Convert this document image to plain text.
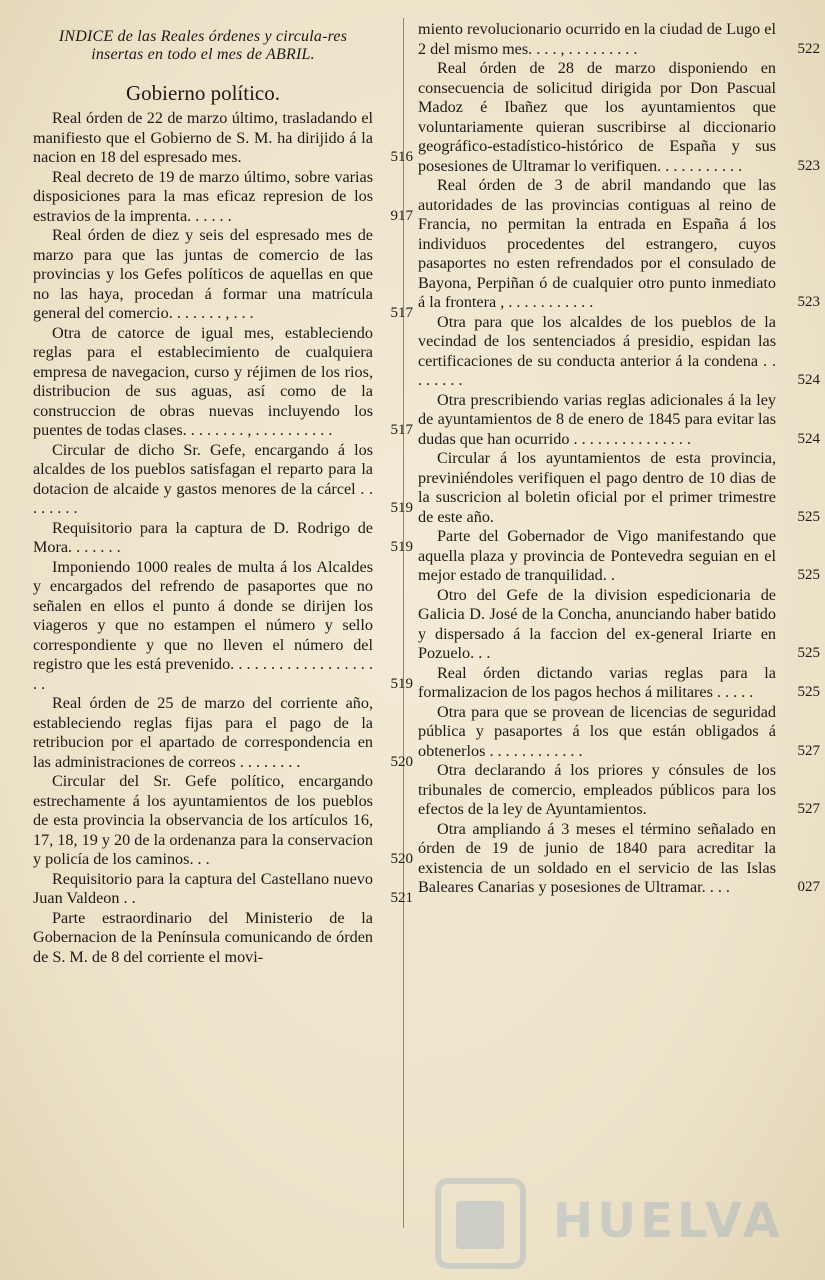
INDICE de las Reales órdenes y circula-res insertas en todo el mes de ABRIL.
Gobierno político.
Real órden de 22 de marzo último, trasladando el manifiesto que el Gobierno de S. M. ha dirijido á la nacion en 18 del espresado mes.	516
Real decreto de 19 de marzo último, sobre varias disposiciones para la mas eficaz represion de los estravios de la imprenta. . . . . .	917
Real órden de diez y seis del espresado mes de marzo para que las juntas de comercio de las provincias y los Gefes políticos de aquellas en que no las haya, procedan á formar una matrícula general del comercio. . . . . . . , . . .	517
Otra de catorce de igual mes, estableciendo reglas para el establecimiento de cualquiera empresa de navegacion, curso y réjimen de los rios, distribucion de sus aguas, así como de la construccion de obras nuevas incluyendo los puentes de todas clases. . . . . . . . , . . . . . . . . . .	517
Circular de dicho Sr. Gefe, encargando á los alcaldes de los pueblos satisfagan el reparto para la dotacion de alcaide y gastos menores de la cárcel . . . . . . . .	519
Requisitorio para la captura de D. Rodrigo de Mora. . . . . . .	519
Imponiendo 1000 reales de multa á los Alcaldes y encargados del refrendo de pasaportes que no señalen en ellos el punto á donde se dirijen los viageros y que no estampen el número y sello correspondiente y que no lleven el número del registro que les está prevenido. . . . . . . . . . . . . . . . . . . .	519
Real órden de 25 de marzo del corriente año, estableciendo reglas fijas para el pago de la retribucion por el apartado de correspondencia en las administraciones de correos . . . . . . . .	520
Circular del Sr. Gefe político, encargando estrechamente á los ayuntamientos de los pueblos de esta provincia la observancia de los artículos 16, 17, 18, 19 y 20 de la ordenanza para la conservacion y policía de los caminos. . .	520
Requisitorio para la captura del Castellano nuevo Juan Valdeon . .	521
Parte estraordinario del Ministerio de la Gobernacion de la Península comunicando de órden de S. M. de 8 del corriente el movi-
miento revolucionario ocurrido en la ciudad de Lugo el 2 del mismo mes. . . . , . . . . . . . . .	522
Real órden de 28 de marzo disponiendo en consecuencia de solicitud dirigida por Don Pascual Madoz é Ibañez que los ayuntamientos que voluntariamente quieran suscribirse al diccionario geográfico-estadístico-histórico de España y sus posesiones de Ultramar lo verifiquen. . . . . . . . . . .	523
Real órden de 3 de abril mandando que las autoridades de las provincias contiguas al reino de Francia, no permitan la entrada en España á los individuos procedentes del estrangero, cuyos pasaportes no esten refrendados por el consulado de Bayona, Perpiñan ó de cualquier otro punto inmediato á la frontera , . . . . . . . . . . .	523
Otra para que los alcaldes de los pueblos de la vecindad de los sentenciados á presidio, espidan las certificaciones de su conducta anterior á la condena . . . . . . . .	524
Otra prescribiendo varias reglas adicionales á la ley de ayuntamientos de 8 de enero de 1845 para evitar las dudas que han ocurrido . . . . . . . . . . . . . . .	524
Circular á los ayuntamientos de esta provincia, previniéndoles verifiquen el pago dentro de 10 dias de la suscricion al boletin oficial por el primer trimestre de este año.	525
Parte del Gobernador de Vigo manifestando que aquella plaza y provincia de Pontevedra seguian en el mejor estado de tranquilidad. .	525
Otro del Gefe de la division espedicionaria de Galicia D. José de la Concha, anunciando haber batido y dispersado á la faccion del ex-general Iriarte en Pozuelo. . .	525
Real órden dictando varias reglas para la formalizacion de los pagos hechos á militares . . . . .	525
Otra para que se provean de licencias de seguridad pública y pasaportes á los que están obligados á obtenerlos . . . . . . . . . . . .	527
Otra declarando á los priores y cónsules de los tribunales de comercio, empleados públicos para los efectos de la ley de Ayuntamientos.	527
Otra ampliando á 3 meses el término señalado en órden de 19 de junio de 1840 para acreditar la existencia de un soldado en el servicio de las Islas Baleares Canarias y posesiones de Ultramar. . . .	027
HUELVA
